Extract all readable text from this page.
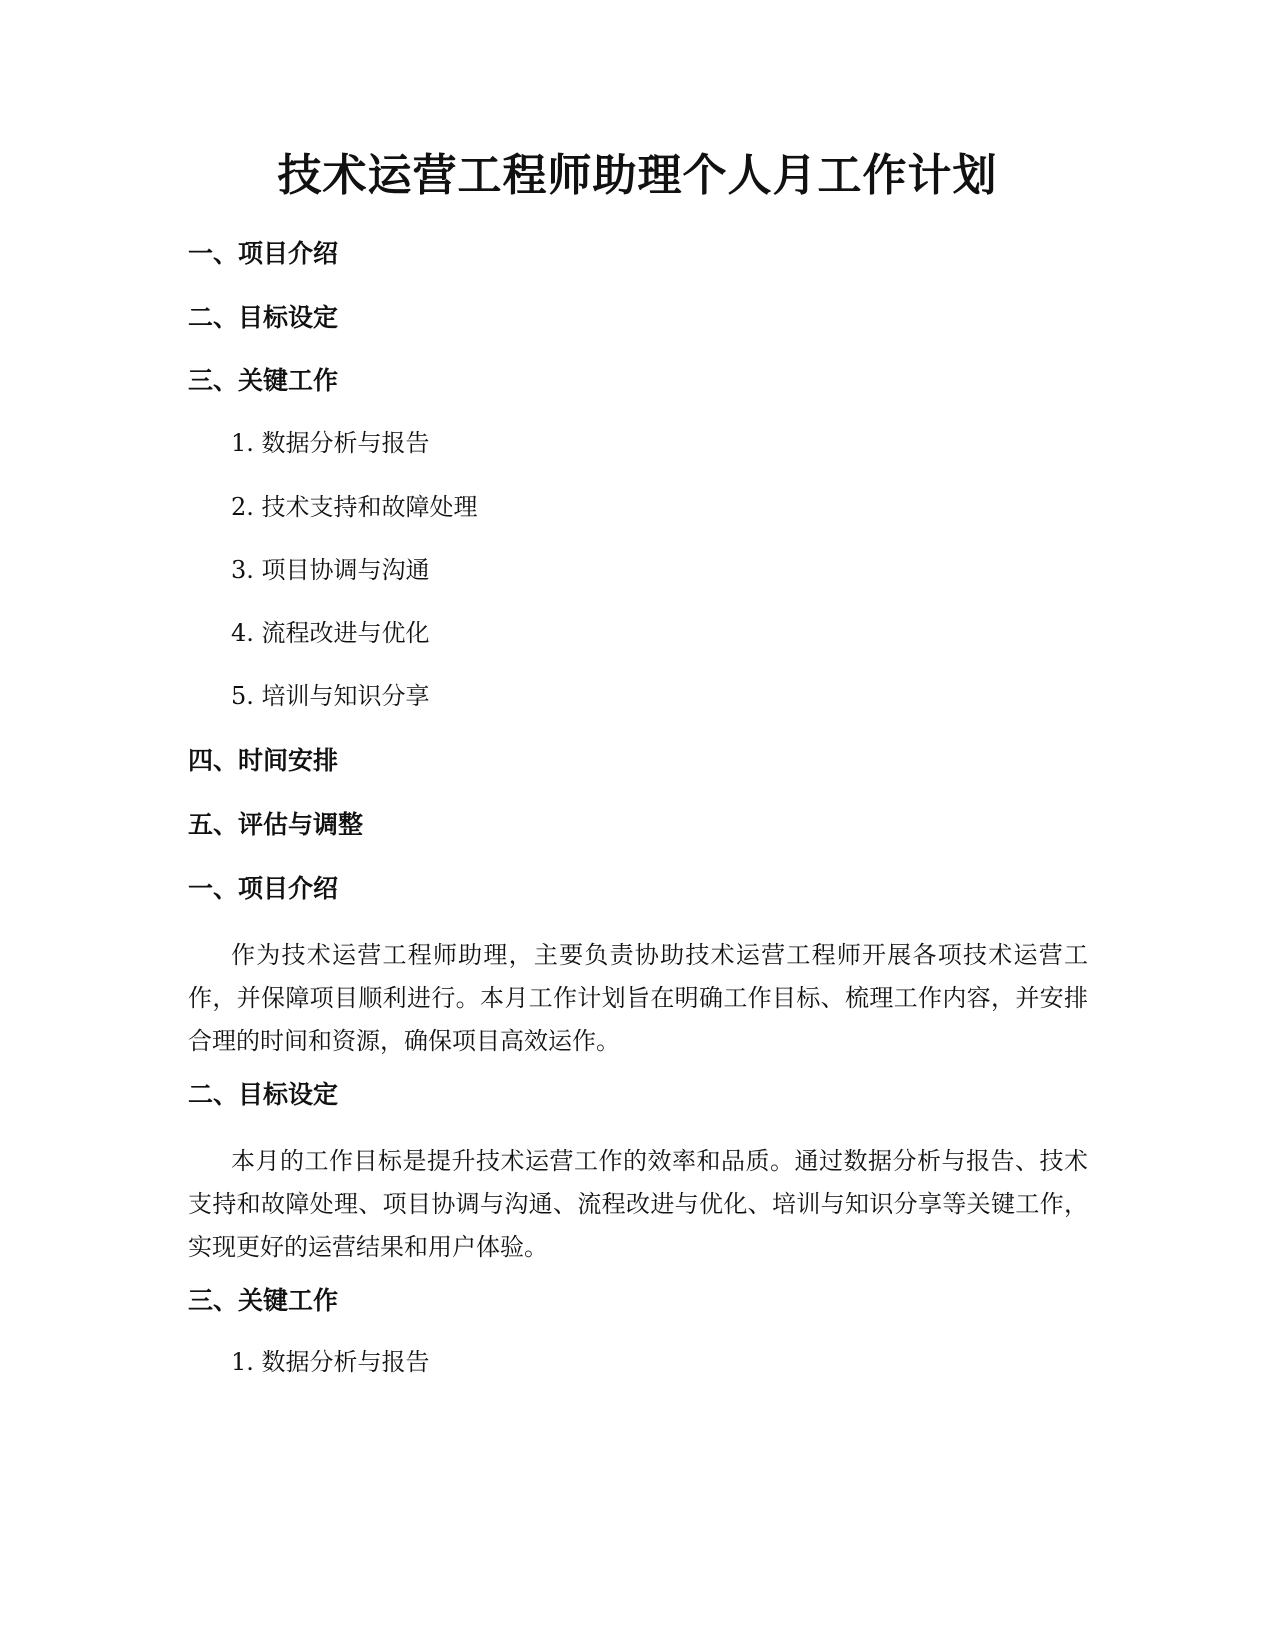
技术运营工程师助理个人月工作计划
一、项目介绍
二、目标设定
三、关键工作
1. 数据分析与报告
2. 技术支持和故障处理
3. 项目协调与沟通
4. 流程改进与优化
5. 培训与知识分享
四、时间安排
五、评估与调整
一、项目介绍

作为技术运营工程师助理，主要负责协助技术运营工程师开展各项技术运营工作，并保障项目顺利进行。本月工作计划旨在明确工作目标、梳理工作内容，并安排合理的时间和资源，确保项目高效运作。

二、目标设定

本月的工作目标是提升技术运营工作的效率和品质。通过数据分析与报告、技术支持和故障处理、项目协调与沟通、流程改进与优化、培训与知识分享等关键工作，实现更好的运营结果和用户体验。

三、关键工作
1. 数据分析与报告
